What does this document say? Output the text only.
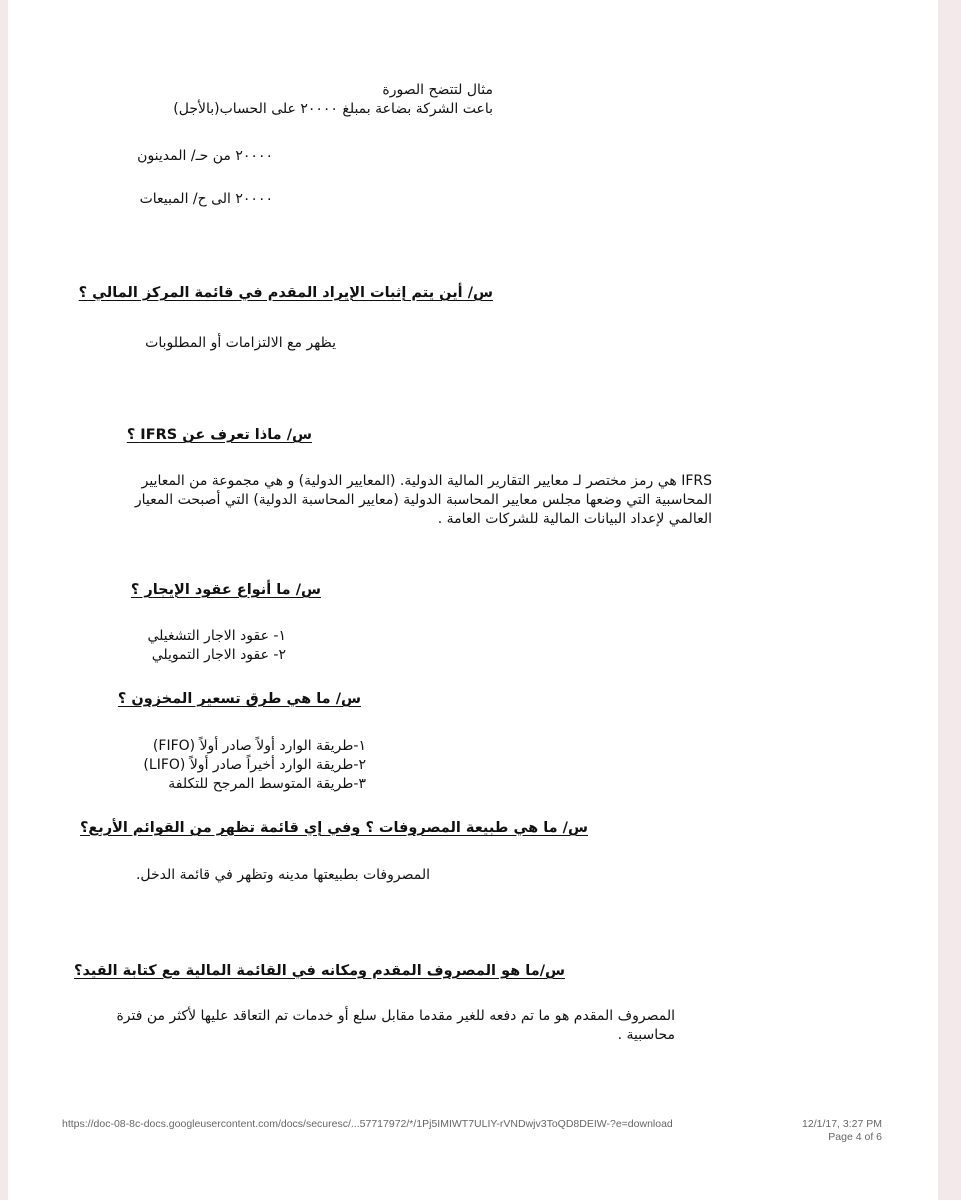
مثال لتتضح الصورة
باعت الشركة بضاعة بمبلغ ٢٠٠٠٠ على الحساب(بالأجل)
٢٠٠٠٠ من حـ/ المدينون
٢٠٠٠٠ الى ح/ المبيعات
س/ أين يتم إثبات الإيراد المقدم في قائمة المركز المالي ؟
يظهر مع الالتزامات أو المطلوبات
س/ ماذا تعرف عن IFRS ؟
IFRS هي رمز مختصر لـ معايير التقارير المالية الدولية. (المعايير الدولية) و هي مجموعة من المعايير
المحاسبية التي وضعها مجلس معايير المحاسبة الدولية (معايير المحاسبة الدولية) التي أصبحت المعيار
العالمي لإعداد البيانات المالية للشركات العامة .
س/ ما أنواع عقود الإيجار ؟
١- عقود الاجار التشغيلي
٢- عقود الاجار التمويلي
س/ ما هي طرق تسعير المخزون ؟
١-طريقة الوارد أولاً صادر أولاً (FIFO)
٢-طريقة الوارد أخيراً صادر أولاً (LIFO)
٣-طريقة المتوسط المرجح للتكلفة
س/ ما هي طبيعة المصروفات ؟ وفي إي قائمة تظهر من القوائم الأربع؟
المصروفات بطبيعتها مدينه وتظهر في قائمة الدخل.
س/ما هو المصروف المقدم ومكانه في القائمة المالية مع كتابة القيد؟
المصروف المقدم هو ما تم دفعه للغير مقدما مقابل سلع أو خدمات تم التعاقد عليها لأكثر من فترة
محاسبية .
https://doc-08-8c-docs.googleusercontent.com/docs/securesc/...57717972/*/1Pj5IMIWT7ULIY-rVNDwjv3ToQD8DEIW-?e=download	12/1/17, 3:27 PM
Page 4 of 6
